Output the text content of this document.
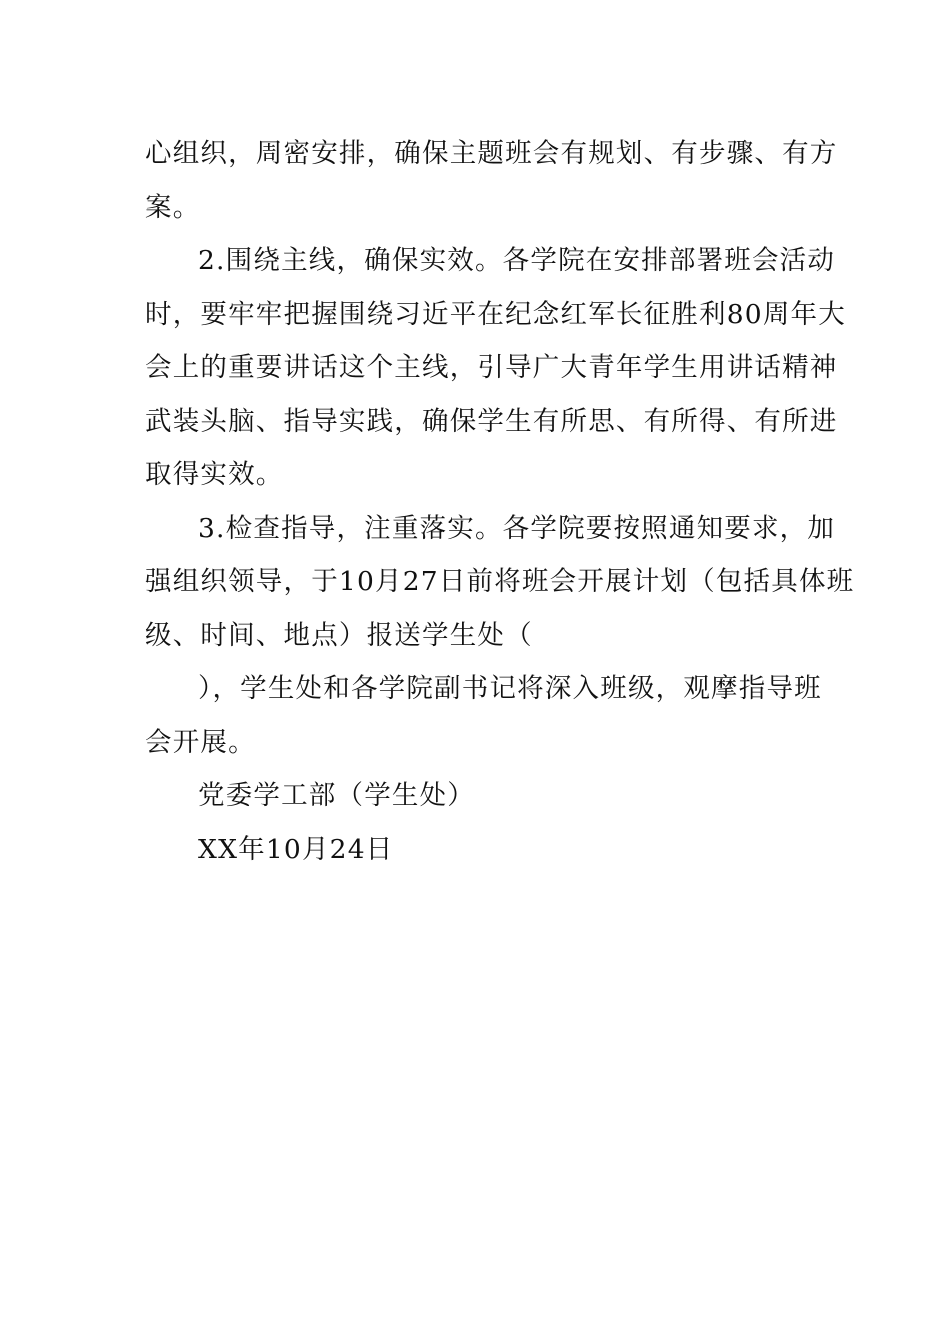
心组织，周密安排，确保主题班会有规划、有步骤、有方
案。
2.围绕主线，确保实效。各学院在安排部署班会活动
时，要牢牢把握围绕习近平在纪念红军长征胜利80周年大
会上的重要讲话这个主线，引导广大青年学生用讲话精神
武装头脑、指导实践，确保学生有所思、有所得、有所进
取得实效。
3.检查指导，注重落实。各学院要按照通知要求，加
强组织领导，于10月27日前将班会开展计划（包括具体班
级、时间、地点）报送学生处（
），学生处和各学院副书记将深入班级，观摩指导班
会开展。
党委学工部（学生处）
XX年10月24日
